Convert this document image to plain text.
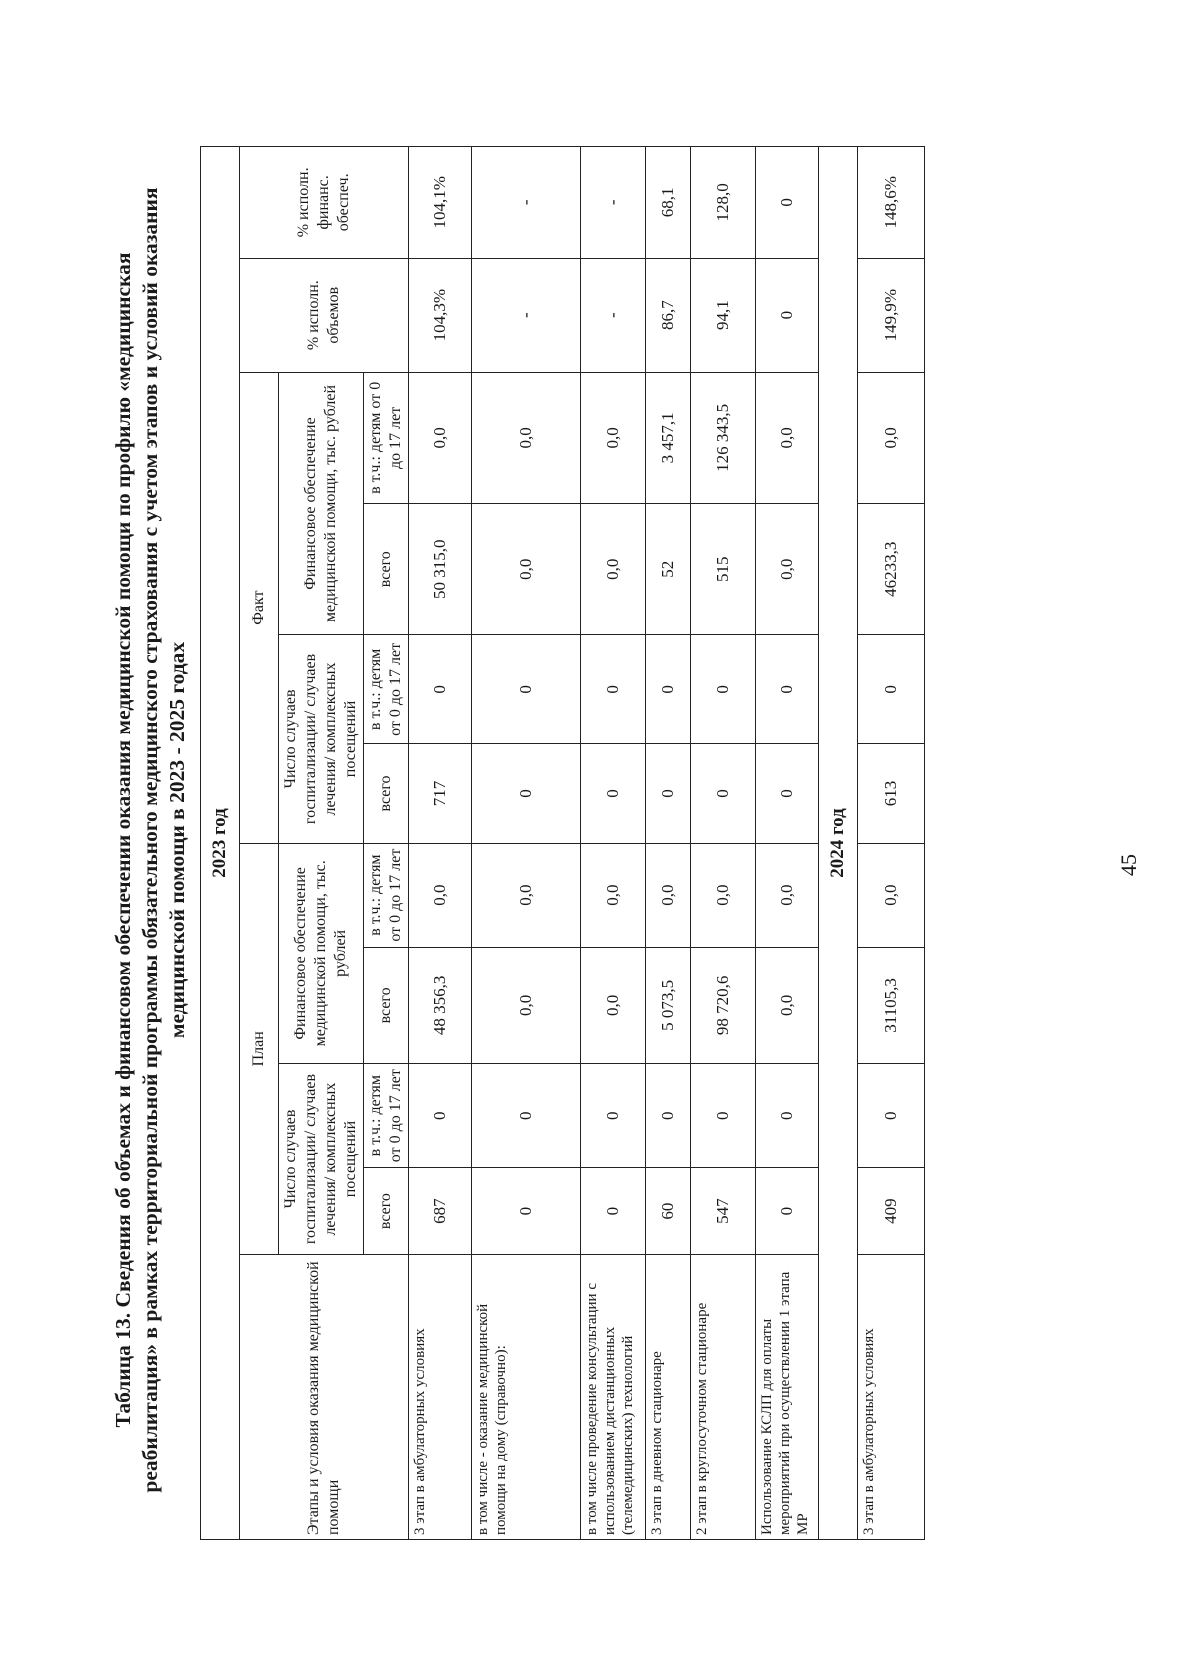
Таблица 13. Сведения об объемах и финансовом обеспечении оказания медицинской помощи по профилю «медицинская реабилитация» в рамках территориальной программы обязательного медицинского страхования с учетом этапов и условий оказания медицинской помощи в 2023 - 2025 годах	45
2023 год										
Этапы и условия оказания медицинской помощи	План				Факт				% исполн. объемов	% исполн. финанс. обеспеч.
	Число случаев госпитализации/ случаев лечения/ комплексных посещений		Финансовое обеспечение медицинской помощи, тыс. рублей		Число случаев госпитализации/ случаев лечения/ комплексных посещений		Финансовое обеспечение медицинской помощи, тыс. рублей			
	всего	в т.ч.: детям от 0 до 17 лет	всего	в т.ч.: детям от 0 до 17 лет	всего	в т.ч.: детям от 0 до 17 лет	всего	в т.ч.: детям от 0 до 17 лет		
3 этап в амбулаторных условиях	687	0	48 356,3	0,0	717	0	50 315,0	0,0	104,3%	104,1%
в том числе - оказание медицинской помощи на дому (справочно):	0	0	0,0	0,0	0	0	0,0	0,0	-	-
в том числе проведение консультации с использованием дистанционных (телемедицинских) технологий	0	0	0,0	0,0	0	0	0,0	0,0	-	-
3 этап в дневном стационаре	60	0	5 073,5	0,0	0	0	52	3 457,1	86,7	68,1
2 этап в круглосуточном стационаре	547	0	98 720,6	0,0	0	0	515	126 343,5	94,1	128,0
Использование КСЛП для оплаты мероприятий при осуществлении 1 этапа МР	0	0	0,0	0,0	0	0	0,0	0,0	0	0
2024 год										
3 этап в амбулаторных условиях	409	0	31105,3	0,0	613	0	46233,3	0,0	149,9%	148,6%
